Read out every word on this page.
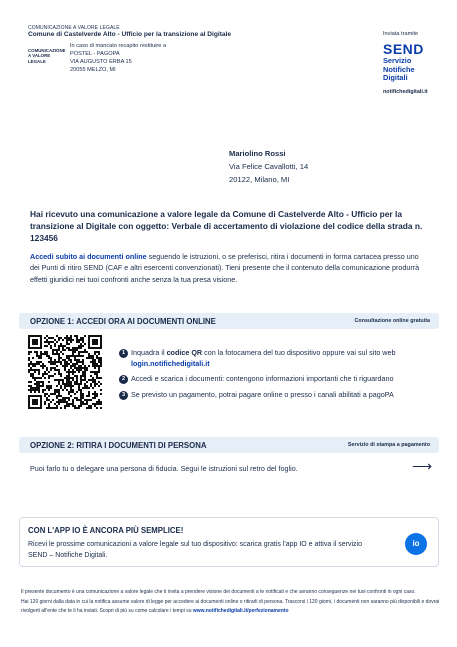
COMUNICAZIONE A VALORE LEGALE
Comune di Castelverde Alto - Ufficio per la transizione al Digitale
COMUNICAZIONE A VALORE LEGALE
In caso di mancato recapito restituire a
POSTEL - PAGOPA
VIA AUGUSTO ERBA 15
20055 MELZO, MI
Inviata tramite
SEND
Servizio
Notifiche
Digitali
notifichedigitali.it
Mariolino Rossi
Via Felice Cavallotti, 14
20122, Milano, MI
Hai ricevuto una comunicazione a valore legale da Comune di Castelverde Alto - Ufficio per la transizione al Digitale con oggetto: Verbale di accertamento di violazione del codice della strada n. 123456
Accedi subito ai documenti online seguendo le istruzioni, o se preferisci, ritira i documenti in forma cartacea presso uno dei Punti di ritiro SEND (CAF e altri esercenti convenzionati). Tieni presente che il contenuto della comunicazione produrrà effetti giuridici nei tuoi confronti anche senza la tua presa visione.
OPZIONE 1: ACCEDI ORA AI DOCUMENTI ONLINE	Consultazione online gratuita
1 Inquadra il codice QR con la fotocamera del tuo dispositivo oppure vai sul sito web
login.notifichedigitali.it
2 Accedi e scarica i documenti: contengono informazioni importanti che ti riguardano
3 Se previsto un pagamento, potrai pagare online o presso i canali abilitati a pagoPA
OPZIONE 2: RITIRA I DOCUMENTI DI PERSONA	Servizio di stampa a pagamento
Puoi farlo tu o delegare una persona di fiducia. Segui le istruzioni sul retro del foglio.	⟶
CON L'APP IO È ANCORA PIÙ SEMPLICE!
Ricevi le prossime comunicazioni a valore legale sul tuo dispositivo: scarica gratis l'app IO e attiva il servizio SEND – Notifiche Digitali.
io
Il presente documento è una comunicazione a valore legale che ti invita a prendere visione dei documenti a te notificati e che avranno conseguenze nei tuoi confronti in ogni caso.
Hai 120 giorni dalla data in cui la notifica assume valore di legge per accedere ai documenti online o ritirarli di persona. Trascorsi i 120 giorni, i documenti non saranno più disponibili e dovrai rivolgerti all'ente che te li ha inviati. Scopri di più su come calcolare i tempi su www.notifichedigitali.it/perfezionamento
